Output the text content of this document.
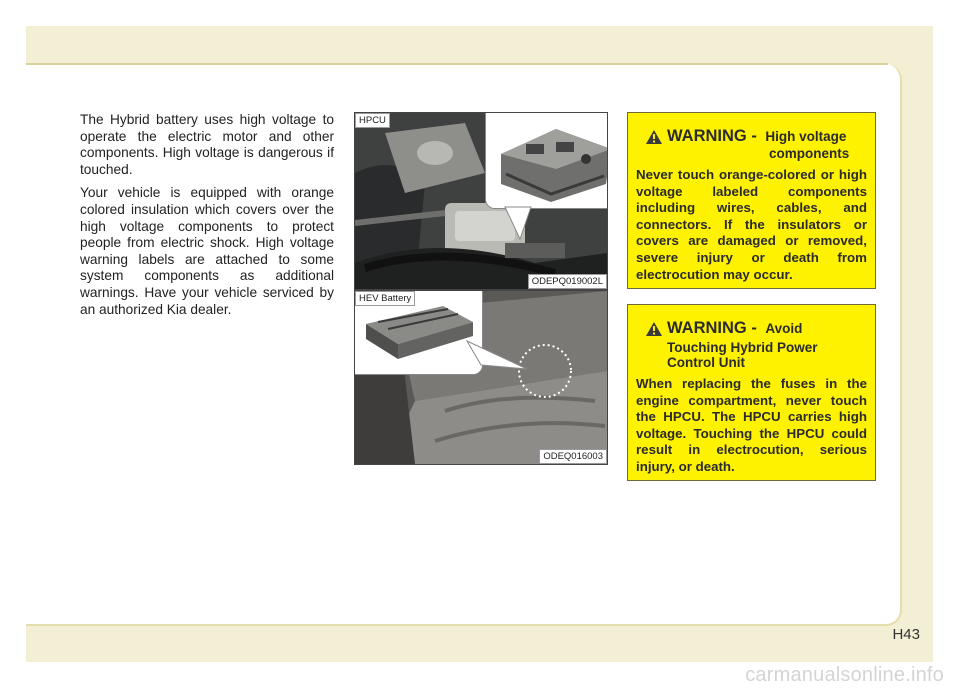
The Hybrid battery uses high voltage to operate the electric motor and other components. High voltage is dangerous if touched.

Your vehicle is equipped with orange colored insulation which covers over the high voltage components to protect people from electric shock. High voltage warning labels are attached to some system components as additional warnings. Have your vehicle serviced by an authorized Kia dealer.

HPCU
ODEPQ019002L
HEV Battery
ODEQ016003
WARNING - High voltage
components
Never touch orange-colored or high voltage labeled components including wires, cables, and connectors. If the insulators or covers are damaged or removed, severe injury or death from electrocution may occur.
WARNING - Avoid
Touching Hybrid Power Control Unit
When replacing the fuses in the engine compartment, never touch the HPCU. The HPCU carries high voltage. Touching the HPCU could result in electrocution, serious injury, or death.
H43
carmanualsonline.info
